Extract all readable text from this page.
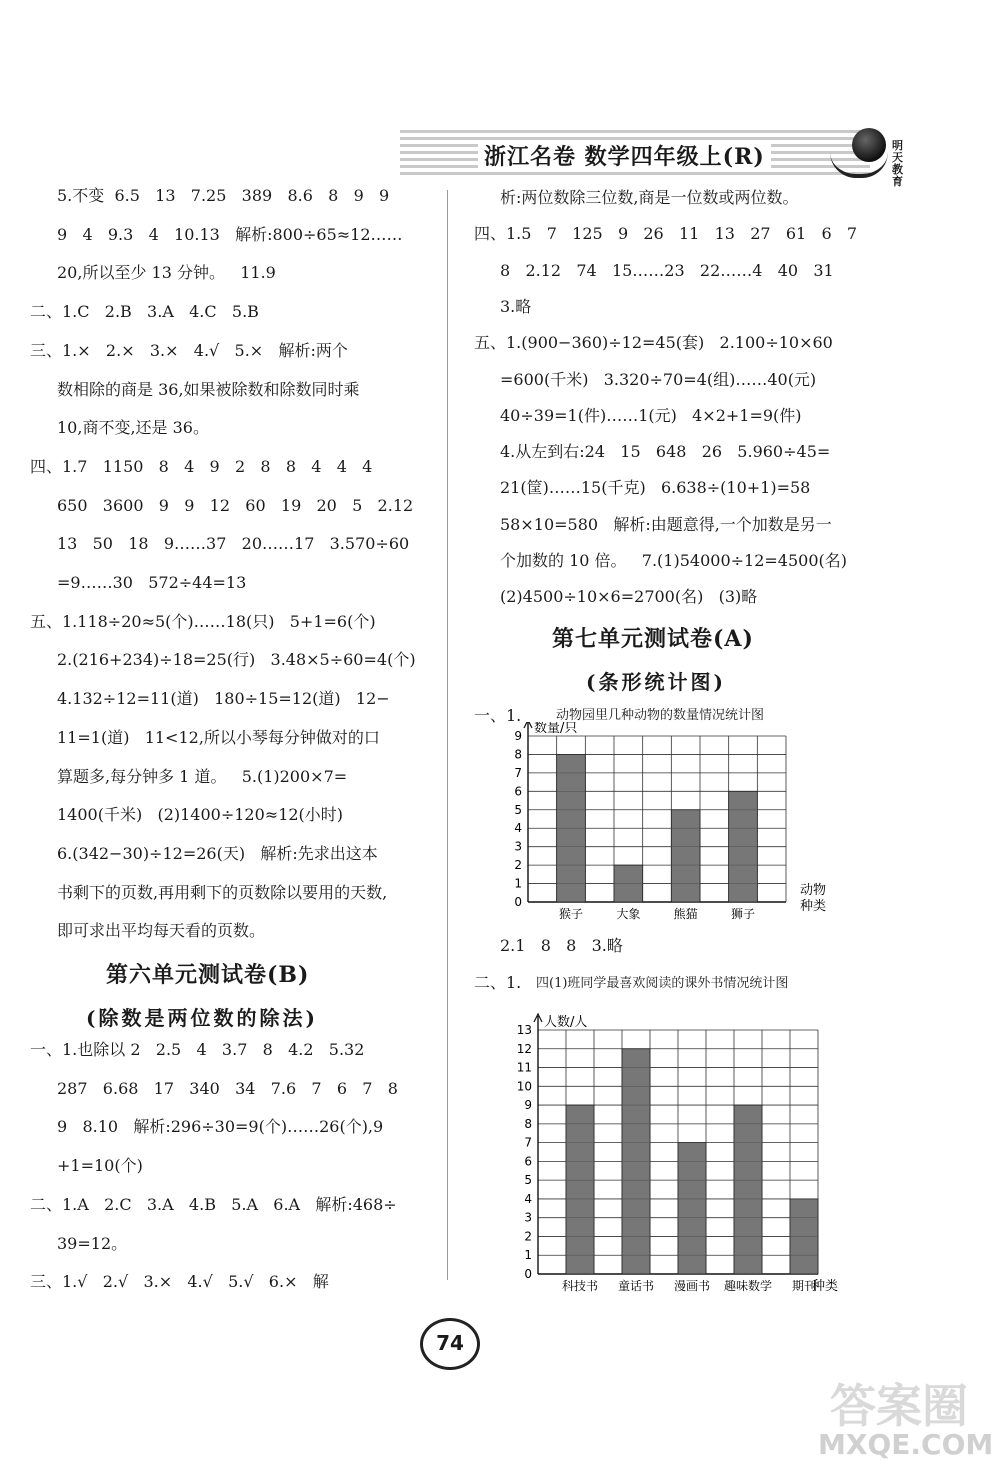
浙江名卷 数学四年级上(R)	明天教育
5.不变  6.5   13   7.25   389   8.6   8   9   9
9   4   9.3   4   10.13   解析:800÷65≈12……
20,所以至少 13 分钟。   11.9
二、1.C   2.B   3.A   4.C   5.B
三、1.×   2.×   3.×   4.√   5.×   解析:两个
数相除的商是 36,如果被除数和除数同时乘
10,商不变,还是 36。
四、1.7   1150   8   4   9   2   8   8   4   4   4
650   3600   9   9   12   60   19   20   5   2.12
13   50   18   9……37   20……17   3.570÷60
=9……30   572÷44=13
五、1.118÷20≈5(个)……18(只)   5+1=6(个)
2.(216+234)÷18=25(行)   3.48×5÷60=4(个)
4.132÷12=11(道)   180÷15=12(道)   12−
11=1(道)   11<12,所以小琴每分钟做对的口
算题多,每分钟多 1 道。   5.(1)200×7=
1400(千米)   (2)1400÷120≈12(小时)
6.(342−30)÷12=26(天)   解析:先求出这本
书剩下的页数,再用剩下的页数除以要用的天数,
即可求出平均每天看的页数。
第六单元测试卷(B)
(除数是两位数的除法)
一、1.也除以 2   2.5   4   3.7   8   4.2   5.32
287   6.68   17   340   34   7.6   7   6   7   8
9   8.10   解析:296÷30=9(个)……26(个),9
+1=10(个)
二、1.A   2.C   3.A   4.B   5.A   6.A   解析:468÷
39=12。
三、1.√   2.√   3.×   4.√   5.√   6.×   解
析:两位数除三位数,商是一位数或两位数。
四、1.5   7   125   9   26   11   13   27   61   6   7
8   2.12   74   15……23   22……4   40   31
3.略
五、1.(900−360)÷12=45(套)   2.100÷10×60
=600(千米)   3.320÷70=4(组)……40(元)
40÷39=1(件)……1(元)   4×2+1=9(件)
4.从左到右:24   15   648   26   5.960÷45=
21(筐)……15(千克)   6.638÷(10+1)=58
58×10=580   解析:由题意得,一个加数是另一
个加数的 10 倍。   7.(1)54000÷12=4500(名)
(2)4500÷10×6=2700(名)   (3)略
第七单元测试卷(A)
(条形统计图)
一、1.	动物园里几种动物的数量情况统计图
0
1
2
3
4
5
6
7
8
9 数量/只
猴子	大象	熊猫	狮子
动物
种类
2.1   8   8   3.略
二、1. 四(1)班同学最喜欢阅读的课外书情况统计图
0
1
2
3
4
5
6
7
8
9
10
11
12
13 人数/人
科技书 童话书 漫画书 趣味数学 期刊
种类
74
答案圈
MXQE.COM
